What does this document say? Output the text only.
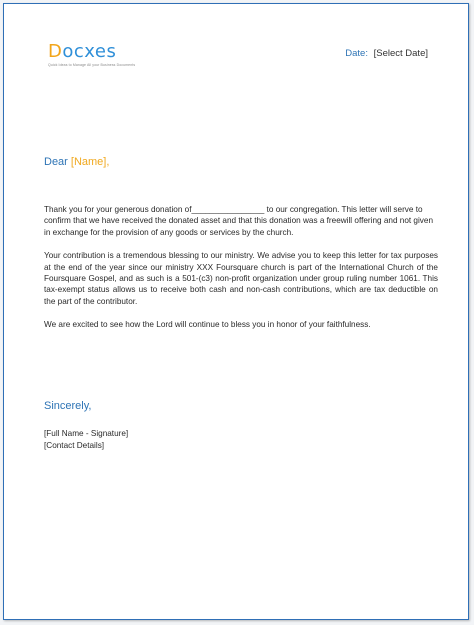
Docxes
Quick Ideas to Manage All your Business Documents
Date: [Select Date]
Dear [Name],

Thank you for your generous donation of________________ to our congregation. This letter will serve to confirm that we have received the donated asset and that this donation was a freewill offering and not given in exchange for the provision of any goods or services by the church.

Your contribution is a tremendous blessing to our ministry. We advise you to keep this letter for tax purposes at the end of the year since our ministry XXX Foursquare church is part of the International Church of the Foursquare Gospel, and as such is a 501-(c3) non-profit organization under group ruling number 1061. This tax-exempt status allows us to receive both cash and non-cash contributions, which are tax deductible on the part of the contributor.

We are excited to see how the Lord will continue to bless you in honor of your faithfulness.

Sincerely,
[Full Name - Signature]
[Contact Details]
